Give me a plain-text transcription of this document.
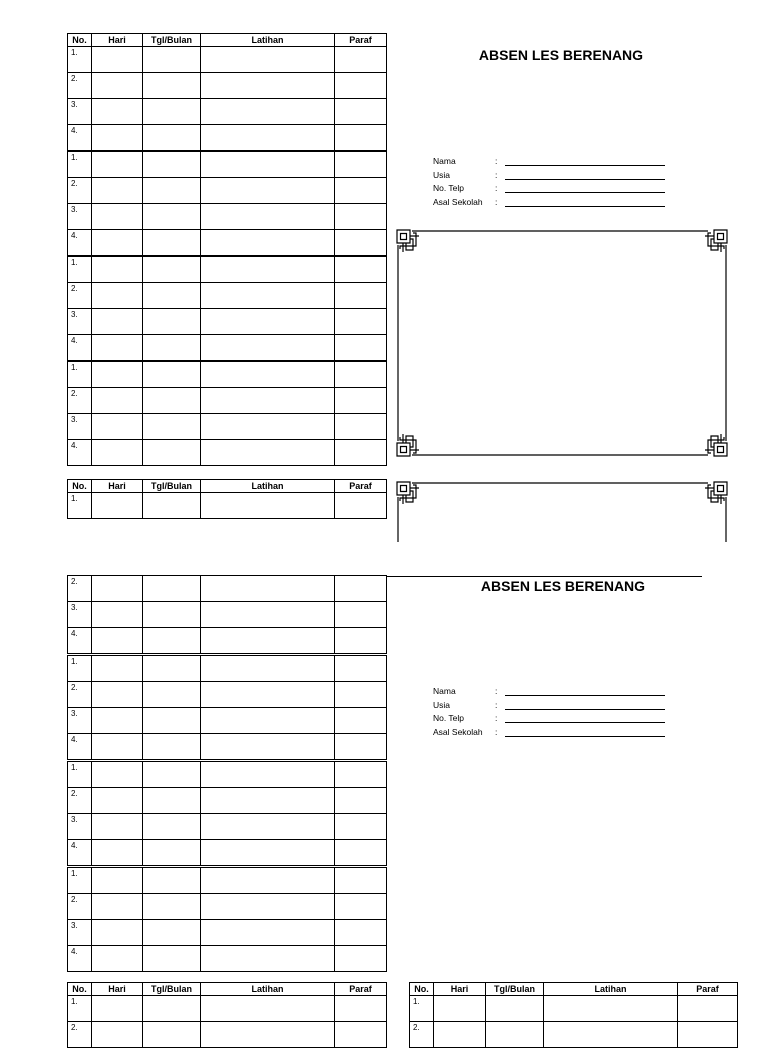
No.	Hari	Tgl/Bulan	Latihan	Paraf
1.				
2.				
3.				
4.				
1.				
2.				
3.				
4.				
1.				
2.				
3.				
4.				
1.				
2.				
3.				
4.				
ABSEN LES BERENANG
Nama	:
Usia	:
No. Telp	:
Asal Sekolah :
No.	Hari	Tgl/Bulan	Latihan	Paraf
1.				
2.				
3.				
4.				
1.				
2.				
3.				
4.				
1.				
2.				
3.				
4.				
1.				
2.				
3.				
4.				
ABSEN LES BERENANG
Nama	:
Usia	:
No. Telp	:
Asal Sekolah :
No.	Hari	Tgl/Bulan	Latihan	Paraf
1.				
2.				
No.	Hari	Tgl/Bulan	Latihan	Paraf
1.				
2.				
